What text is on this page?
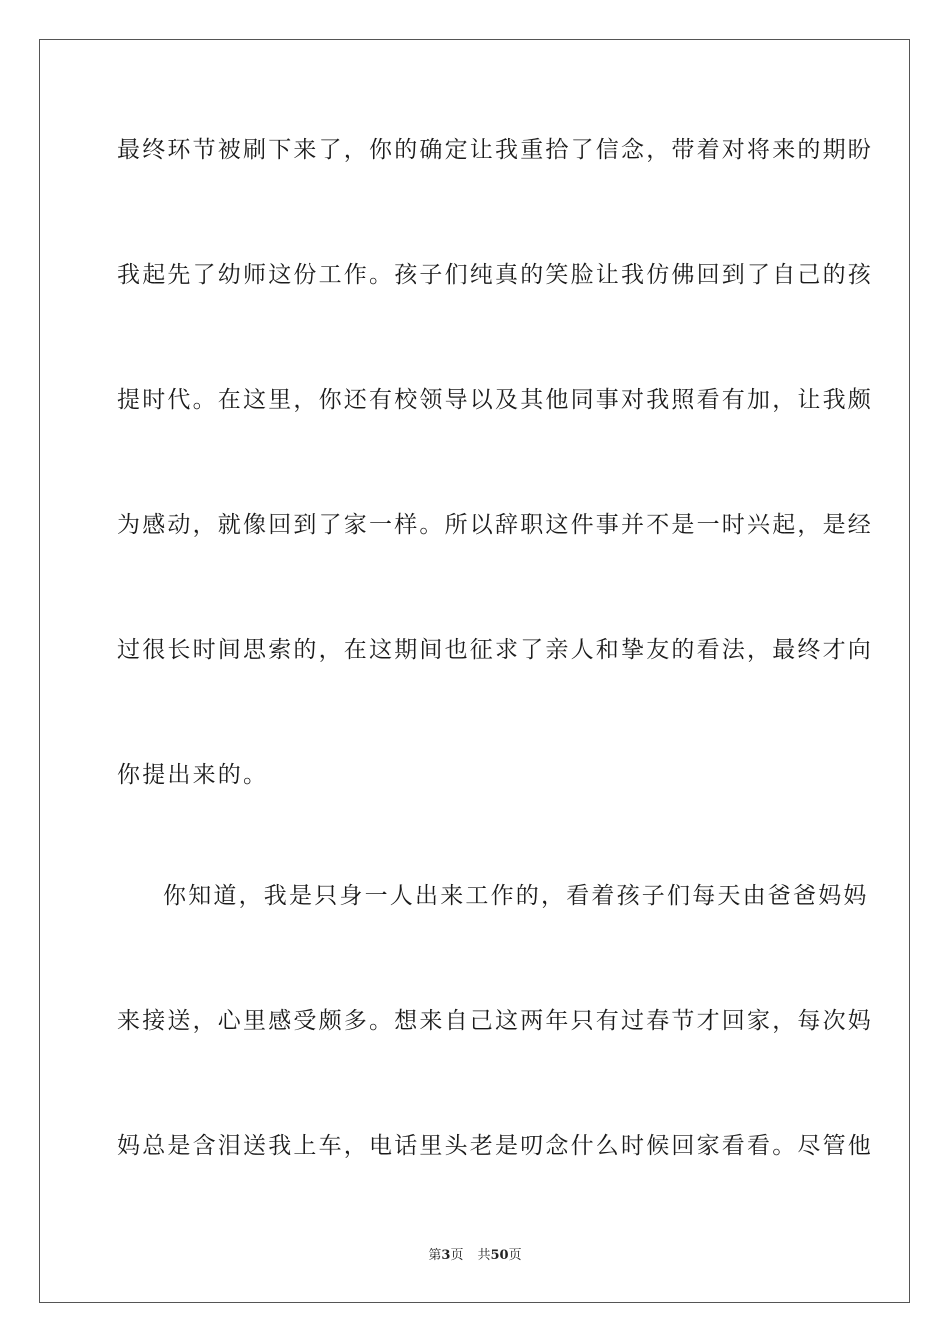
最终环节被刷下来了，你的确定让我重拾了信念，带着对将来的期盼
我起先了幼师这份工作。孩子们纯真的笑脸让我仿佛回到了自己的孩
提时代。在这里，你还有校领导以及其他同事对我照看有加，让我颇
为感动，就像回到了家一样。所以辞职这件事并不是一时兴起，是经
过很长时间思索的，在这期间也征求了亲人和挚友的看法，最终才向
你提出来的。
你知道，我是只身一人出来工作的，看着孩子们每天由爸爸妈妈
来接送，心里感受颇多。想来自己这两年只有过春节才回家，每次妈
妈总是含泪送我上车，电话里头老是叨念什么时候回家看看。尽管他
第3页 共50页
